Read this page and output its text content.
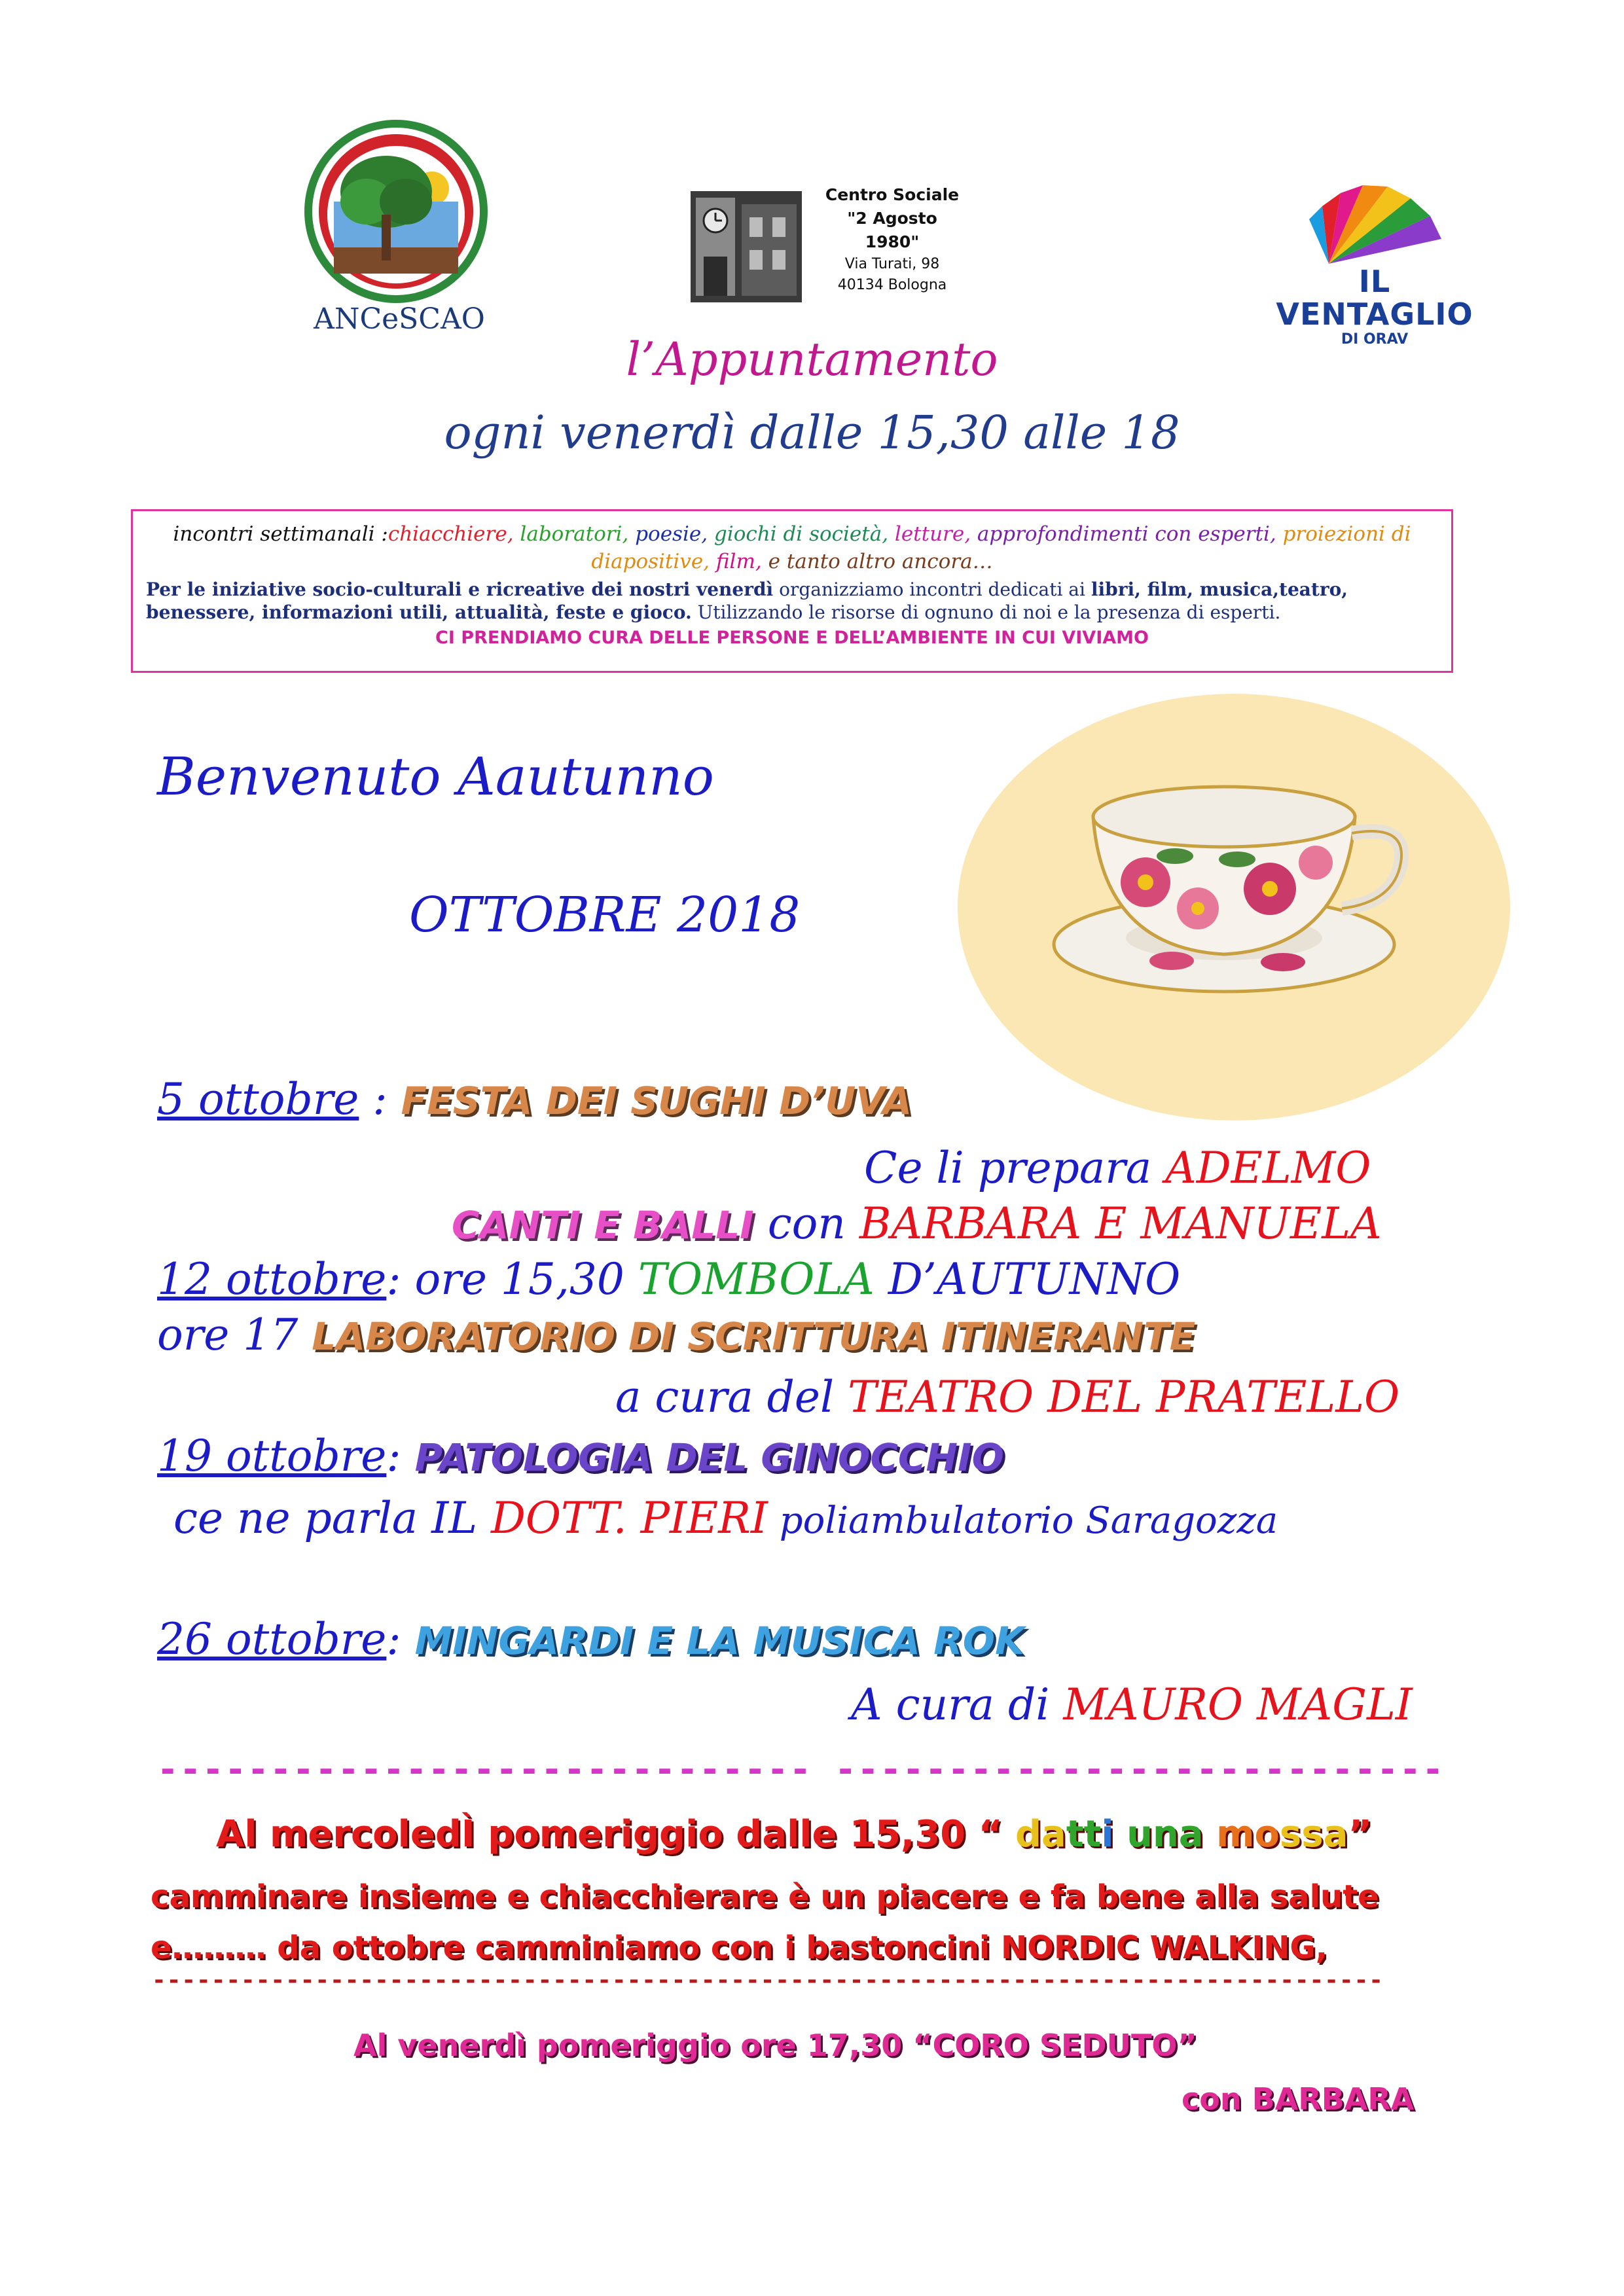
ANCeSCAO
Centro Sociale
"2 Agosto
1980"
Via Turati, 98
40134 Bologna	IL VENTAGLIO
DI ORAV
l’Appuntamento
ogni venerdì dalle 15,30 alle 18
incontri settimanali :chiacchiere, laboratori, poesie, giochi di società, letture, approfondimenti con esperti, proiezioni di diapositive, film, e tanto altro ancora…
Per le iniziative socio-culturali e ricreative dei nostri venerdì organizziamo incontri dedicati ai libri, film, musica,teatro, benessere, informazioni utili, attualità, feste e gioco. Utilizzando le risorse di ognuno di noi e la presenza di esperti.
CI PRENDIAMO CURA DELLE PERSONE E DELL’AMBIENTE IN CUI VIVIAMO
Benvenuto Aautunno
OTTOBRE 2018
5 ottobre : FESTA DEI SUGHI D’UVA
Ce li prepara ADELMO
CANTI E BALLI con BARBARA E MANUELA
12 ottobre: ore 15,30 TOMBOLA D’AUTUNNO
ore 17 LABORATORIO DI SCRITTURA ITINERANTE
a cura del TEATRO DEL PRATELLO
19 ottobre: PATOLOGIA DEL GINOCCHIO
ce ne parla IL DOTT. PIERI poliambulatorio Saragozza
26 ottobre: MINGARDI E LA MUSICA ROK
A cura di MAURO MAGLI
----------------------------- ---------------------------
-----------------------------------------------------------------------------------
Al mercoledÌ pomeriggio dalle 15,30 “ datti una mossa”
camminare insieme e chiacchierare è un piacere e fa bene alla salute
e……… da ottobre camminiamo con i bastoncini NORDIC WALKING,
Al venerdì pomeriggio ore 17,30 “CORO SEDUTO”
con BARBARA
